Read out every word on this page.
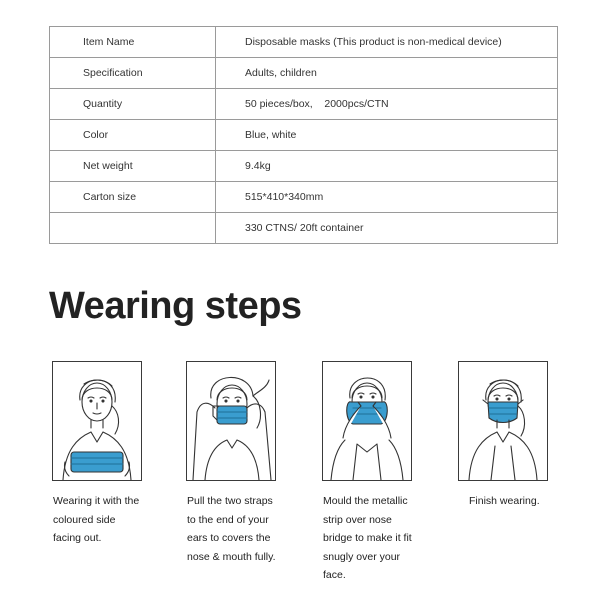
Item Name	Disposable masks (This product is non-medical device)
Specification	Adults, children
Quantity	50 pieces/box,    2000pcs/CTN
Color	Blue, white
Net weight	9.4kg
Carton size	515*410*340mm
	330 CTNS/ 20ft container
Wearing steps
Wearing it with the
coloured side
facing out.
Pull the two straps
to the end of your
ears to covers the
nose & mouth fully.
Mould the metallic
strip over nose
bridge to make it fit
snugly over your
face.
Finish wearing.
